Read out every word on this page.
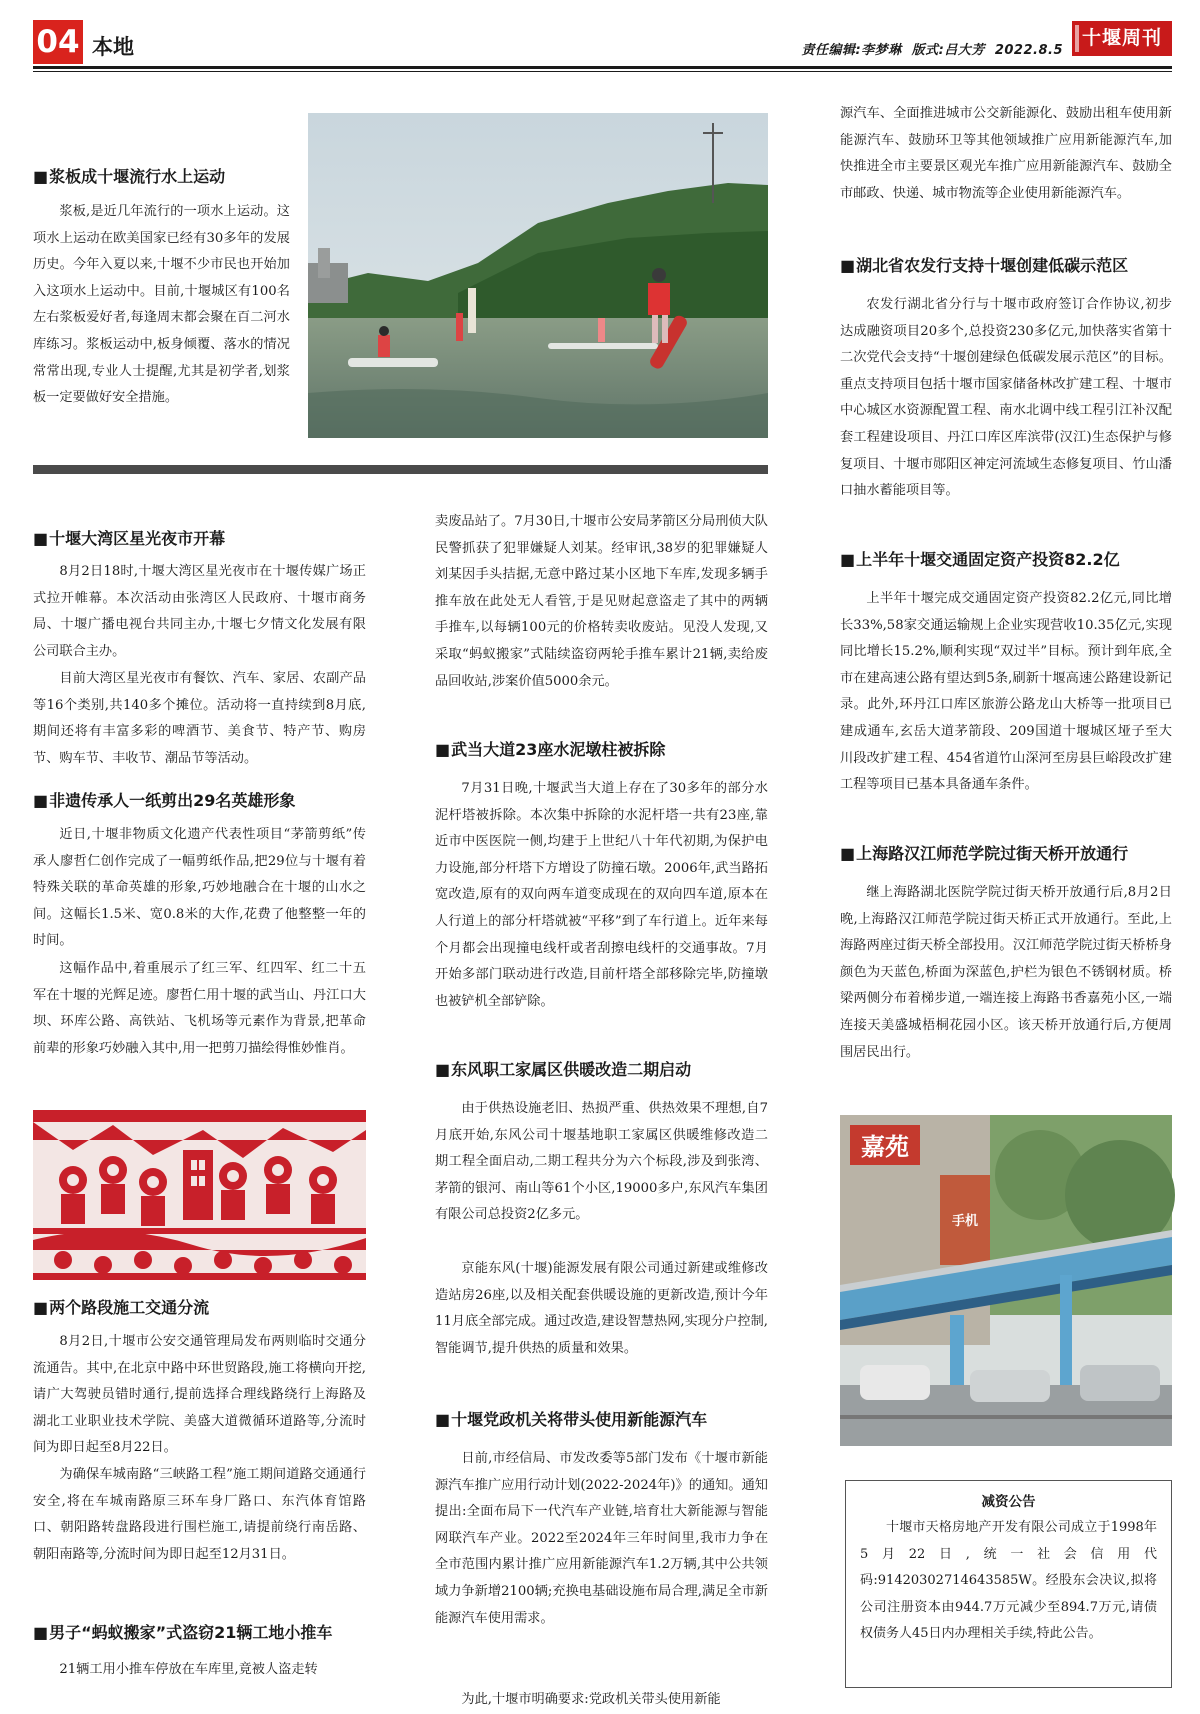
04 本地	责任编辑:李梦琳 版式:吕大芳 2022.8.5
十堰周刊
■ 浆板成十堰流行水上运动
浆板,是近几年流行的一项水上运动。这项水上运动在欧美国家已经有30多年的发展历史。今年入夏以来,十堰不少市民也开始加入这项水上运动中。目前,十堰城区有100名左右浆板爱好者,每逢周末都会聚在百二河水库练习。浆板运动中,板身倾覆、落水的情况常常出现,专业人士提醒,尤其是初学者,划浆板一定要做好安全措施。
■ 十堰大湾区星光夜市开幕
8月2日18时,十堰大湾区星光夜市在十堰传媒广场正式拉开帷幕。本次活动由张湾区人民政府、十堰市商务局、十堰广播电视台共同主办,十堰七夕情文化发展有限公司联合主办。
目前大湾区星光夜市有餐饮、汽车、家居、农副产品等16个类别,共140多个摊位。活动将一直持续到8月底,期间还将有丰富多彩的啤酒节、美食节、特产节、购房节、购车节、丰收节、潮品节等活动。
■ 非遗传承人一纸剪出29名英雄形象
近日,十堰非物质文化遗产代表性项目“茅箭剪纸”传承人廖哲仁创作完成了一幅剪纸作品,把29位与十堰有着特殊关联的革命英雄的形象,巧妙地融合在十堰的山水之间。这幅长1.5米、宽0.8米的大作,花费了他整整一年的时间。
这幅作品中,着重展示了红三军、红四军、红二十五军在十堰的光辉足迹。廖哲仁用十堰的武当山、丹江口大坝、环库公路、高铁站、飞机场等元素作为背景,把革命前辈的形象巧妙融入其中,用一把剪刀描绘得惟妙惟肖。
■ 两个路段施工交通分流
8月2日,十堰市公安交通管理局发布两则临时交通分流通告。其中,在北京中路中环世贸路段,施工将横向开挖,请广大驾驶员错时通行,提前选择合理线路绕行上海路及湖北工业职业技术学院、美盛大道微循环道路等,分流时间为即日起至8月22日。
为确保车城南路“三峡路工程”施工期间道路交通通行安全,将在车城南路原三环车身厂路口、东汽体育馆路口、朝阳路转盘路段进行围栏施工,请提前绕行南岳路、朝阳南路等,分流时间为即日起至12月31日。
■ 男子“蚂蚁搬家”式盗窃21辆工地小推车
21辆工用小推车停放在车库里,竟被人盗走转
卖废品站了。7月30日,十堰市公安局茅箭区分局刑侦大队民警抓获了犯罪嫌疑人刘某。经审讯,38岁的犯罪嫌疑人刘某因手头拮据,无意中路过某小区地下车库,发现多辆手推车放在此处无人看管,于是见财起意盗走了其中的两辆手推车,以每辆100元的价格转卖收废站。见没人发现,又采取“蚂蚁搬家”式陆续盗窃两轮手推车累计21辆,卖给废品回收站,涉案价值5000余元。
■ 武当大道23座水泥墩柱被拆除
7月31日晚,十堰武当大道上存在了30多年的部分水泥杆塔被拆除。本次集中拆除的水泥杆塔一共有23座,靠近市中医医院一侧,均建于上世纪八十年代初期,为保护电力设施,部分杆塔下方增设了防撞石墩。2006年,武当路拓宽改造,原有的双向两车道变成现在的双向四车道,原本在人行道上的部分杆塔就被“平移”到了车行道上。近年来每个月都会出现撞电线杆或者刮擦电线杆的交通事故。7月开始多部门联动进行改造,目前杆塔全部移除完毕,防撞墩也被铲机全部铲除。
■ 东风职工家属区供暖改造二期启动
由于供热设施老旧、热损严重、供热效果不理想,自7月底开始,东风公司十堰基地职工家属区供暖维修改造二期工程全面启动,二期工程共分为六个标段,涉及到张湾、茅箭的银河、南山等61个小区,19000多户,东风汽车集团有限公司总投资2亿多元。
京能东风(十堰)能源发展有限公司通过新建或维修改造站房26座,以及相关配套供暖设施的更新改造,预计今年11月底全部完成。通过改造,建设智慧热网,实现分户控制,智能调节,提升供热的质量和效果。
■ 十堰党政机关将带头使用新能源汽车
日前,市经信局、市发改委等5部门发布《十堰市新能源汽车推广应用行动计划(2022-2024年)》的通知。通知提出:全面布局下一代汽车产业链,培育壮大新能源与智能网联汽车产业。2022至2024年三年时间里,我市力争在全市范围内累计推广应用新能源汽车1.2万辆,其中公共领域力争新增2100辆;充换电基础设施布局合理,满足全市新能源汽车使用需求。
为此,十堰市明确要求:党政机关带头使用新能
源汽车、全面推进城市公交新能源化、鼓励出租车使用新能源汽车、鼓励环卫等其他领域推广应用新能源汽车,加快推进全市主要景区观光车推广应用新能源汽车、鼓励全市邮政、快递、城市物流等企业使用新能源汽车。
■ 湖北省农发行支持十堰创建低碳示范区
农发行湖北省分行与十堰市政府签订合作协议,初步达成融资项目20多个,总投资230多亿元,加快落实省第十二次党代会支持“十堰创建绿色低碳发展示范区”的目标。重点支持项目包括十堰市国家储备林改扩建工程、十堰市中心城区水资源配置工程、南水北调中线工程引江补汉配套工程建设项目、丹江口库区库滨带(汉江)生态保护与修复项目、十堰市郧阳区神定河流域生态修复项目、竹山潘口抽水蓄能项目等。
■ 上半年十堰交通固定资产投资82.2亿
上半年十堰完成交通固定资产投资82.2亿元,同比增长33%,58家交通运输规上企业实现营收10.35亿元,实现同比增长15.2%,顺利实现“双过半”目标。预计到年底,全市在建高速公路有望达到5条,刷新十堰高速公路建设新记录。此外,环丹江口库区旅游公路龙山大桥等一批项目已建成通车,玄岳大道茅箭段、209国道十堰城区垭子至大川段改扩建工程、454省道竹山深河至房县巨峪段改扩建工程等项目已基本具备通车条件。
■ 上海路汉江师范学院过街天桥开放通行
继上海路湖北医院学院过街天桥开放通行后,8月2日晚,上海路汉江师范学院过街天桥正式开放通行。至此,上海路两座过街天桥全部投用。汉江师范学院过街天桥桥身颜色为天蓝色,桥面为深蓝色,护栏为银色不锈钢材质。桥梁两侧分布着梯步道,一端连接上海路书香嘉苑小区,一端连接天美盛城梧桐花园小区。该天桥开放通行后,方便周围居民出行。
嘉苑
手机
减资公告
十堰市天格房地产开发有限公司成立于1998年5月22日,统一社会信用代码:91420302714643585W。经股东会决议,拟将公司注册资本由944.7万元减少至894.7万元,请债权债务人45日内办理相关手续,特此公告。
